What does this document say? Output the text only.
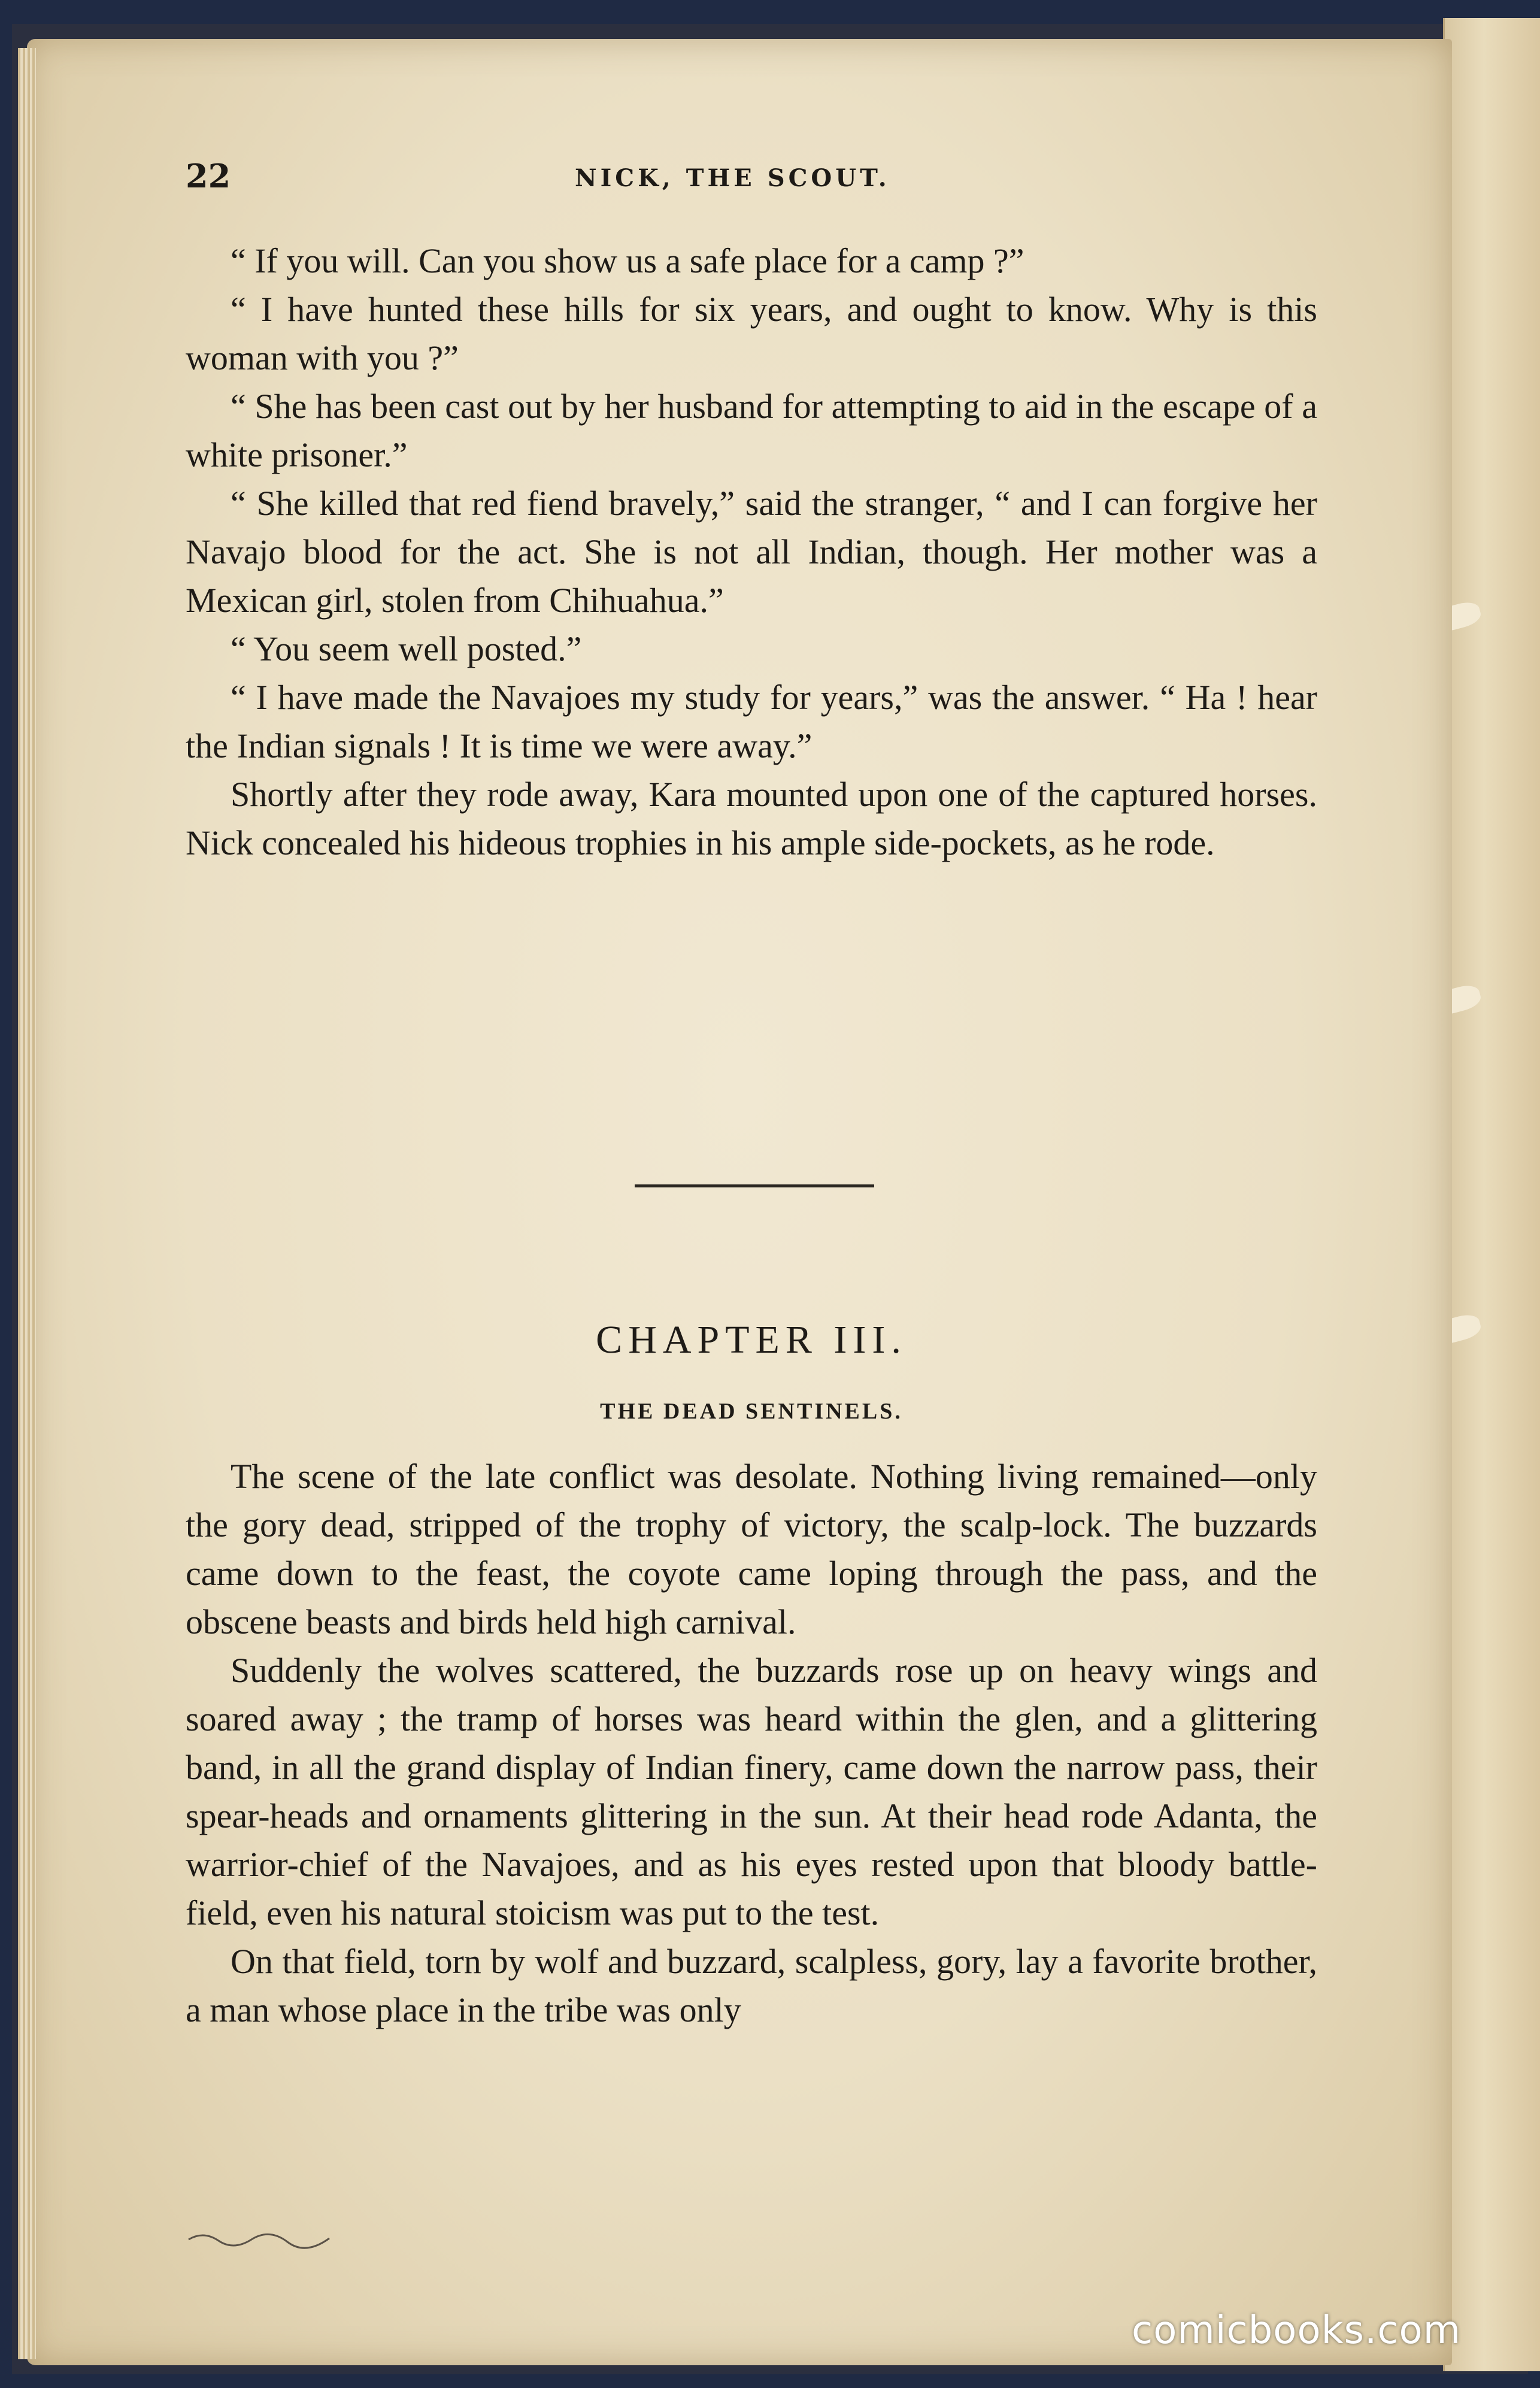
22	NICK, THE SCOUT.

“ If you will. Can you show us a safe place for a camp ?”

“ I have hunted these hills for six years, and ought to know. Why is this woman with you ?”

“ She has been cast out by her husband for attempting to aid in the escape of a white prisoner.”

“ She killed that red fiend bravely,” said the stranger, “ and I can forgive her Navajo blood for the act. She is not all Indian, though. Her mother was a Mexican girl, stolen from Chihuahua.”

“ You seem well posted.”

“ I have made the Navajoes my study for years,” was the answer. “ Ha ! hear the Indian signals ! It is time we were away.”

Shortly after they rode away, Kara mounted upon one of the captured horses. Nick concealed his hideous trophies in his ample side-pockets, as he rode.

CHAPTER III.
THE DEAD SENTINELS.

The scene of the late conflict was desolate. Nothing living remained—only the gory dead, stripped of the trophy of victory, the scalp-lock. The buzzards came down to the feast, the coyote came loping through the pass, and the obscene beasts and birds held high carnival.

Suddenly the wolves scattered, the buzzards rose up on heavy wings and soared away ; the tramp of horses was heard within the glen, and a glittering band, in all the grand display of Indian finery, came down the narrow pass, their spear-heads and ornaments glittering in the sun. At their head rode Adanta, the warrior-chief of the Navajoes, and as his eyes rested upon that bloody battle-field, even his natural stoicism was put to the test.

On that field, torn by wolf and buzzard, scalpless, gory, lay a favorite brother, a man whose place in the tribe was only

comicbooks.com
